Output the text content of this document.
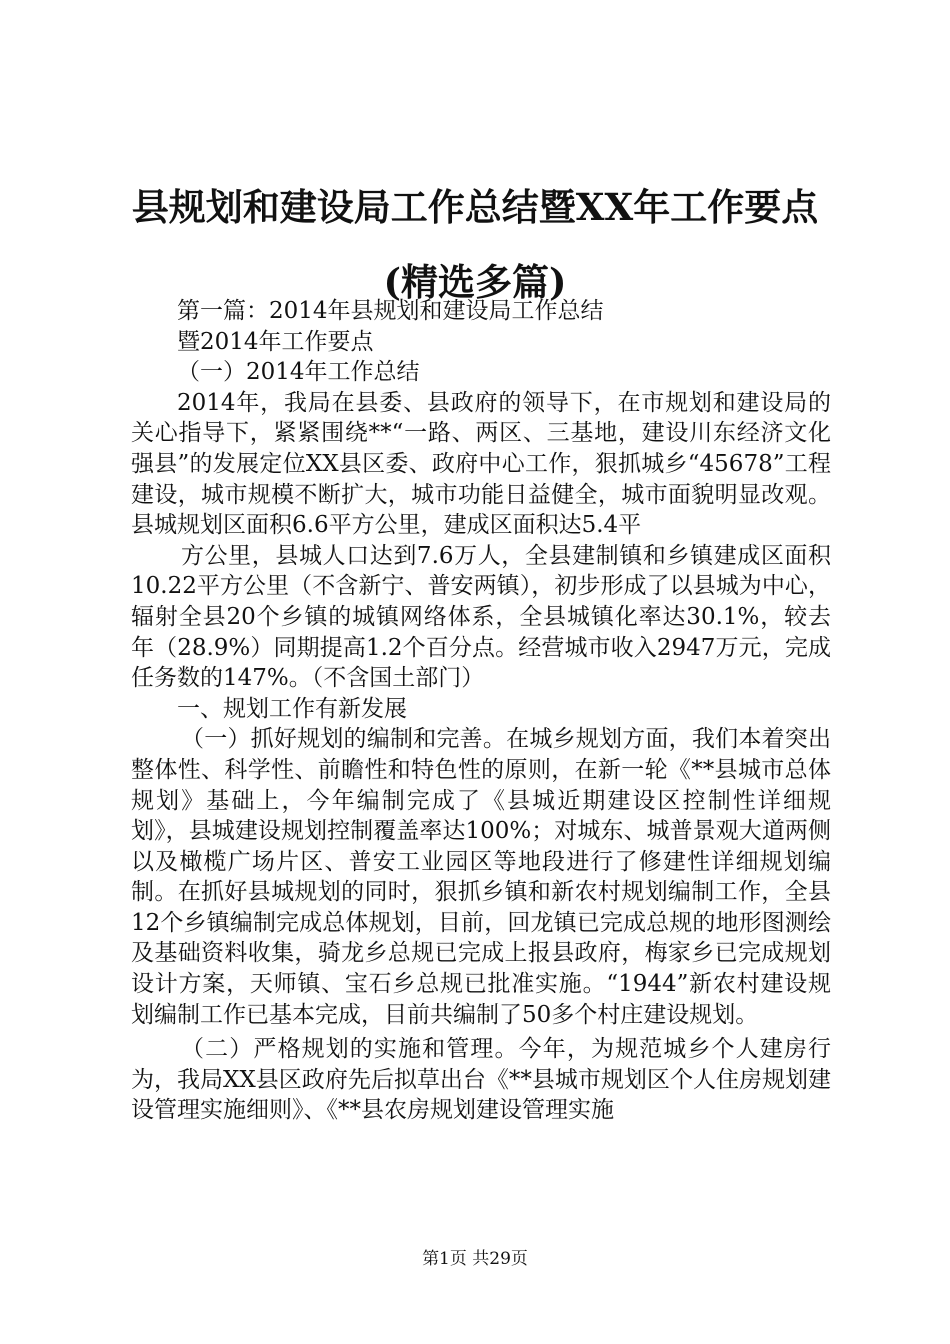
县规划和建设局工作总结暨XX年工作要点(精选多篇)

第一篇：2014年县规划和建设局工作总结

暨2014年工作要点

（一）2014年工作总结

2014年，我局在县委、县政府的领导下，在市规划和建设局的关心指导下，紧紧围绕**“一路、两区、三基地，建设川东经济文化强县”的发展定位XX县区委、政府中心工作，狠抓城乡“45678”工程建设，城市规模不断扩大，城市功能日益健全，城市面貌明显改观。县城规划区面积6.6平方公里，建成区面积达5.4平

方公里，县城人口达到7.6万人，全县建制镇和乡镇建成区面积10.22平方公里（不含新宁、普安两镇），初步形成了以县城为中心，辐射全县20个乡镇的城镇网络体系，全县城镇化率达30.1%，较去年（28.9%）同期提高1.2个百分点。经营城市收入2947万元，完成任务数的147%。（不含国土部门）

一、规划工作有新发展

（一）抓好规划的编制和完善。在城乡规划方面，我们本着突出整体性、科学性、前瞻性和特色性的原则，在新一轮《**县城市总体规划》基础上，今年编制完成了《县城近期建设区控制性详细规划》，县城建设规划控制覆盖率达100%；对城东、城普景观大道两侧以及橄榄广场片区、普安工业园区等地段进行了修建性详细规划编制。在抓好县城规划的同时，狠抓乡镇和新农村规划编制工作，全县12个乡镇编制完成总体规划，目前，回龙镇已完成总规的地形图测绘及基础资料收集，骑龙乡总规已完成上报县政府，梅家乡已完成规划设计方案，天师镇、宝石乡总规已批准实施。“1944”新农村建设规划编制工作已基本完成，目前共编制了50多个村庄建设规划。

（二）严格规划的实施和管理。今年，为规范城乡个人建房行为，我局XX县区政府先后拟草出台《**县城市规划区个人住房规划建设管理实施细则》、《**县农房规划建设管理实施

第1页 共29页
